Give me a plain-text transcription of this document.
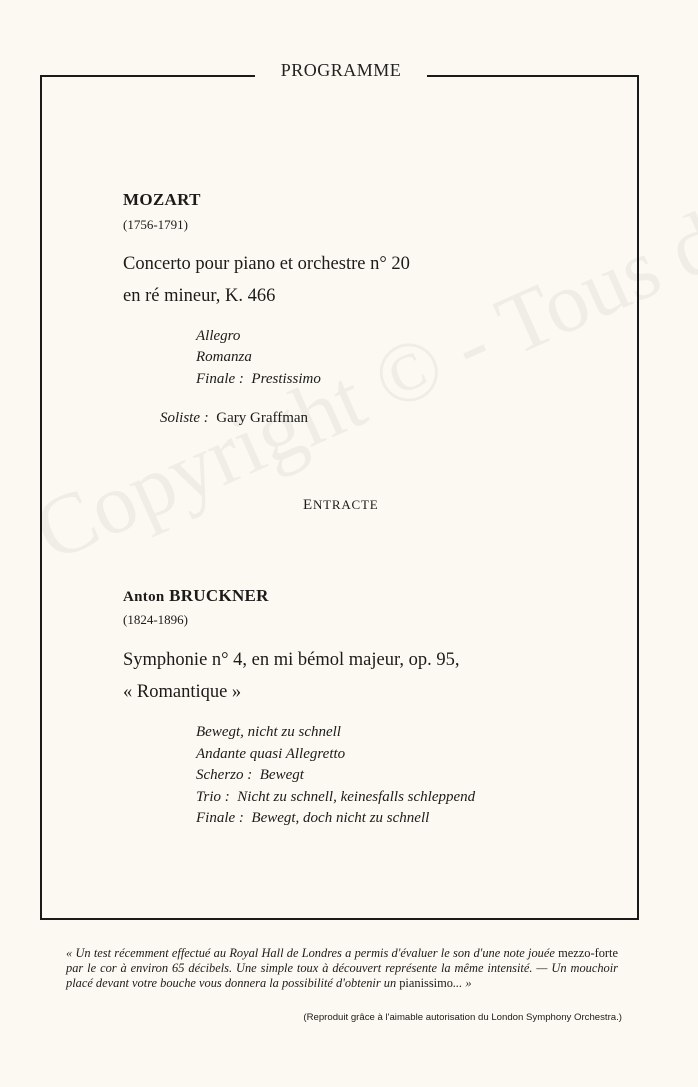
PROGRAMME
MOZART
(1756-1791)
Concerto pour piano et orchestre n° 20
en ré mineur, K. 466
Allegro
Romanza
Finale : Prestissimo
Soliste : Gary Graffman
ENTRACTE
Anton BRUCKNER
(1824-1896)
Symphonie n° 4, en mi bémol majeur, op. 95,
« Romantique »
Bewegt, nicht zu schnell
Andante quasi Allegretto
Scherzo : Bewegt
Trio : Nicht zu schnell, keinesfalls schleppend
Finale : Bewegt, doch nicht zu schnell
« Un test récemment effectué au Royal Hall de Londres a permis d'évaluer le son d'une note jouée mezzo-forte par le cor à environ 65 décibels. Une simple toux à découvert représente la même intensité. — Un mouchoir placé devant votre bouche vous donnera la possibilité d'obtenir un pianissimo... »
(Reproduit grâce à l'aimable autorisation du London Symphony Orchestra.)
